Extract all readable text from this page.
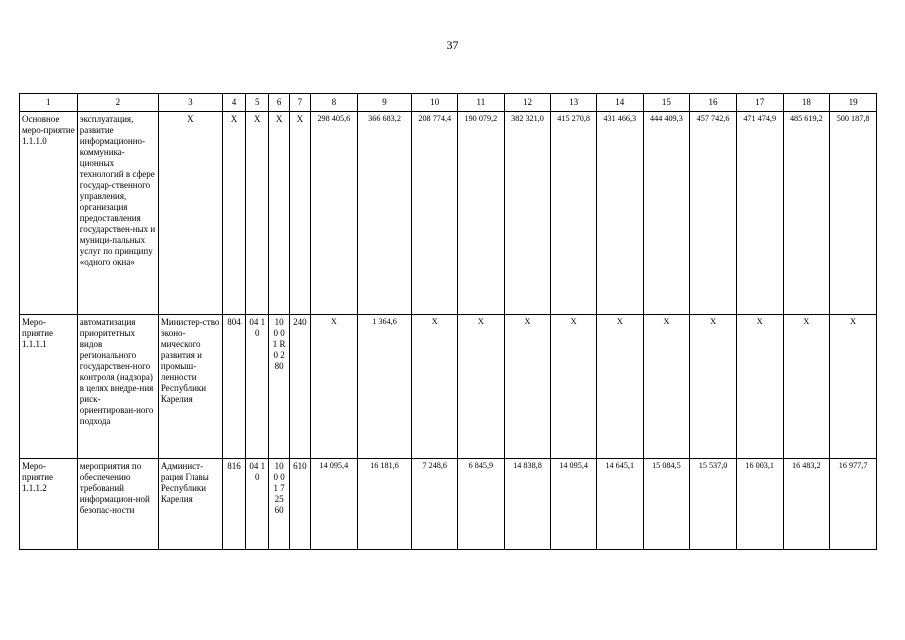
37
1	2	3	4	5	6	7	8	9	10	11	12	13	14	15	16	17	18	19
Основное меро-приятие 1.1.1.0	эксплуатация, развитие информационно-коммуника-ционных технологий в сфере государ-ственного управления, организация предоставления государствен-ных и муници-пальных услуг по принципу «одного окна»	Х	Х	Х	Х	Х	298 405,6	366 683,2	208 774,4	190 079,2	382 321,0	415 270,8	431 466,3	444 409,3	457 742,6	471 474,9	485 619,2	500 187,8
Меро-приятие 1.1.1.1	автоматизация приоритетных видов регионального государствен-ного контроля (надзора) в целях внедре-ния риск-ориентирован-ного подхода	Министер-ство эконо-мического развития и промыш-ленности Республики Карелия	804	04 10	10 0 01 R0 280	240	Х	1 364,6	Х	Х	Х	Х	Х	Х	Х	Х	Х	Х
Меро-приятие 1.1.1.2	мероприятия по обеспечению требований информацион-ной безопас-ности	Админист-рация Главы Республики Карелия	816	04 10	10 0 01 725 60	610	14 095,4	16 181,6	7 248,6	6 845,9	14 838,8	14 095,4	14 645,1	15 084,5	15 537,0	16 003,1	16 483,2	16 977,7
